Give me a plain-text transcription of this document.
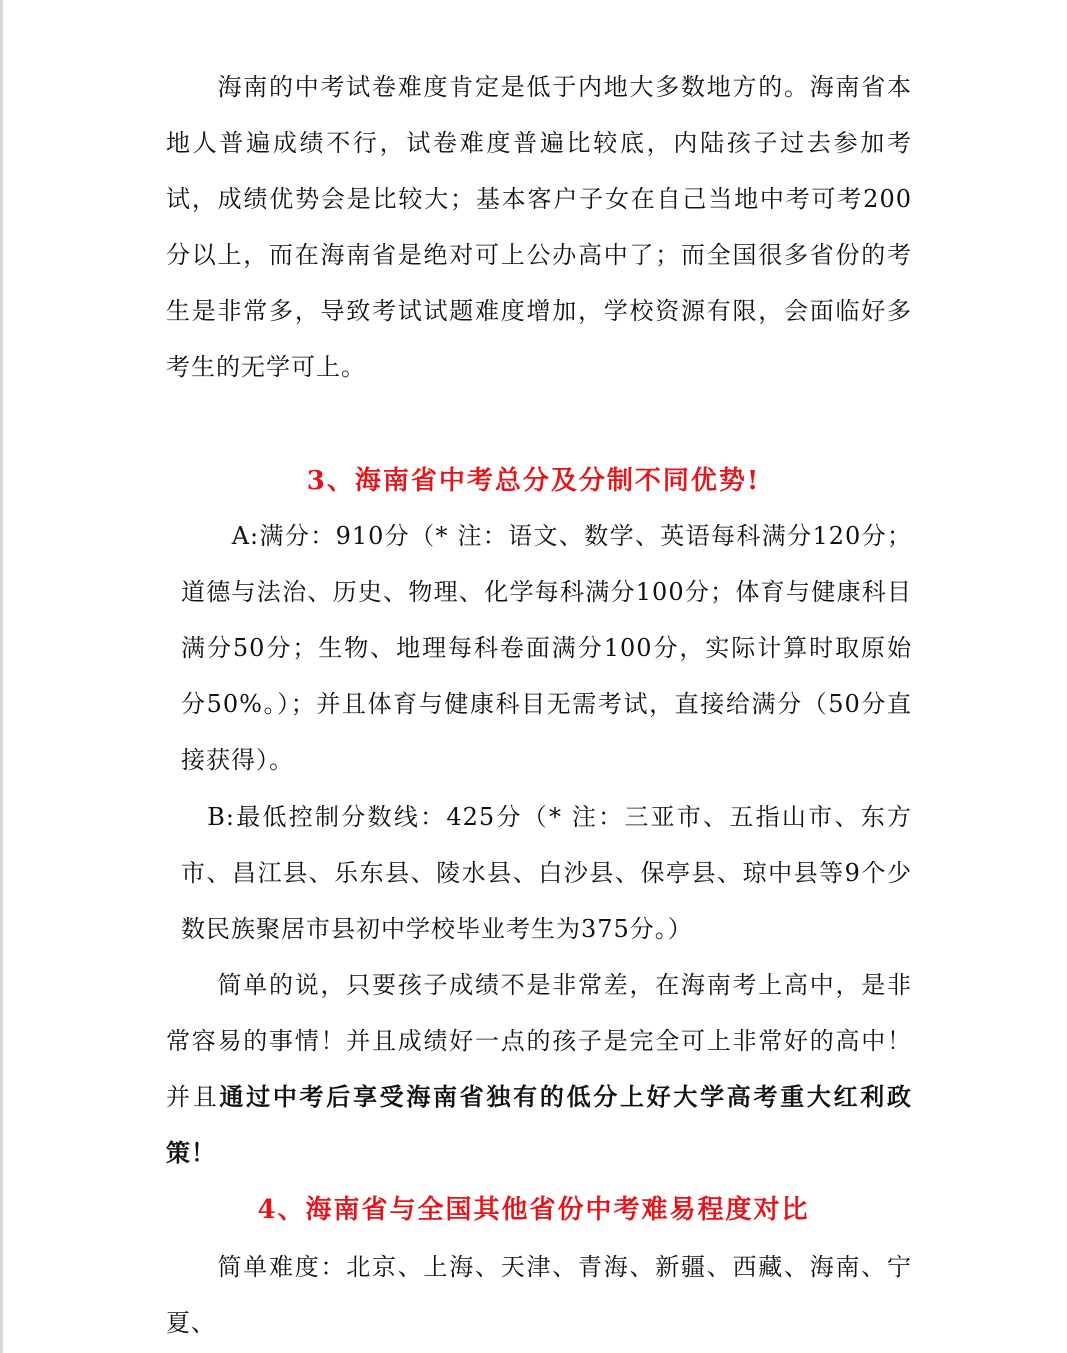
　　海南的中考试卷难度肯定是低于内地大多数地方的。海南省本地人普遍成绩不行，试卷难度普遍比较底，内陆孩子过去参加考试，成绩优势会是比较大；基本客户子女在自己当地中考可考200分以上，而在海南省是绝对可上公办高中了；而全国很多省份的考生是非常多，导致考试试题难度增加，学校资源有限，会面临好多考生的无学可上。

3、海南省中考总分及分制不同优势!

　　A:满分：910分（* 注：语文、数学、英语每科满分120分；道德与法治、历史、物理、化学每科满分100分；体育与健康科目满分50分；生物、地理每科卷面满分100分，实际计算时取原始分50%。）；并且体育与健康科目无需考试，直接给满分（50分直接获得）。

　B:最低控制分数线：425分（* 注：三亚市、五指山市、东方市、昌江县、乐东县、陵水县、白沙县、保亭县、琼中县等9个少数民族聚居市县初中学校毕业考生为375分。）

　　简单的说，只要孩子成绩不是非常差，在海南考上高中，是非常容易的事情！并且成绩好一点的孩子是完全可上非常好的高中！并且通过中考后享受海南省独有的低分上好大学高考重大红利政策！

4、海南省与全国其他省份中考难易程度对比

　　简单难度：北京、上海、天津、青海、新疆、西藏、海南、宁夏、
